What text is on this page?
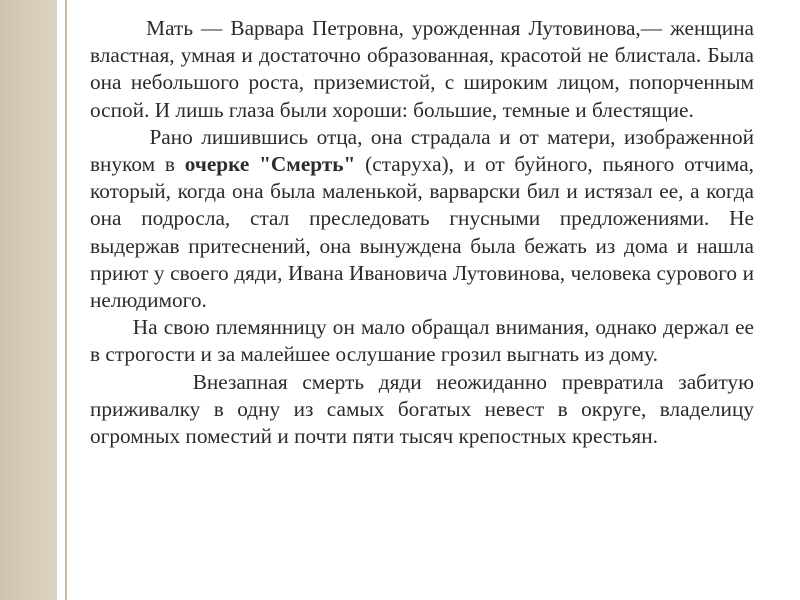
Мать — Варвара Петровна, урожденная Лутовинова,— женщина властная, умная и достаточно образованная, красотой не блистала. Была она небольшого роста, приземистой, с широким лицом, попорченным оспой. И лишь глаза были хороши: большие, темные и блестящие.

Рано лишившись отца, она страдала и от матери, изображенной внуком в очерке "Смерть" (старуха), и от буйного, пьяного отчима, который, когда она была маленькой, варварски бил и истязал ее, а когда она подросла, стал преследовать гнусными предложениями. Не выдержав притеснений, она вынуждена была бежать из дома и нашла приют у своего дяди, Ивана Ивановича Лутовинова, человека сурового и нелюдимого.

На свою племянницу он мало обращал внимания, однако держал ее в строгости и за малейшее ослушание грозил выгнать из дому.

Внезапная смерть дяди неожиданно превратила забитую приживалку в одну из самых богатых невест в округе, владелицу огромных поместий и почти пяти тысяч крепостных крестьян.
